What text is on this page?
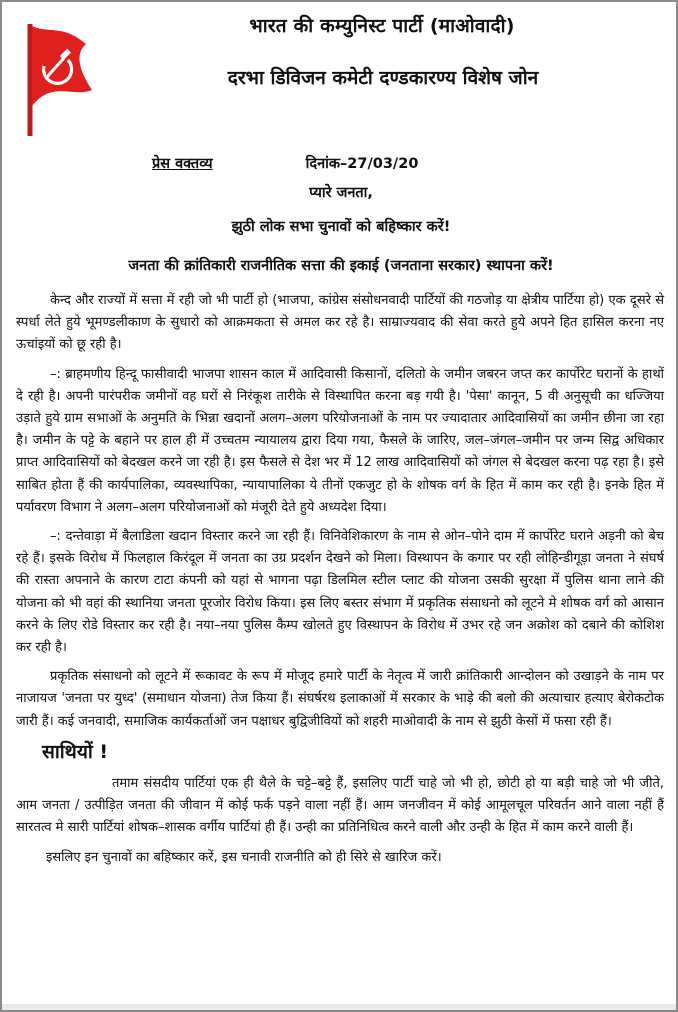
भारत की कम्युनिस्ट पार्टी (माओवादी)
दरभा डिविजन कमेटी दण्डकारण्य विशेष जोन
प्रेस वक्तव्य	दिनांक–27/03/20
प्यारे जनता,
झुठी लोक सभा चुनावों को बहिष्कार करें!
जनता की क्रांतिकारी राजनीतिक सत्ता की इकाई (जनताना सरकार) स्थापना करें!

केन्द और राज्यों में सत्ता में रही जो भी पार्टी हो (भाजपा, कांग्रेस संसोधनवादी पार्टियों की गठजोड़ या क्षेत्रीय पार्टिया हो) एक दूसरे से स्पर्धा लेते हुये भूमण्डलीकाण के सुधारो को आक्रमकता से अमल कर रहे है। साम्राज्यवाद की सेवा करते हुये अपने हित हासिल करना नए ऊचांइयों को छू रही है।

–: ब्राहमणीय हिन्दू फासीवादी भाजपा शासन काल में आदिवासी किसानों, दलितो के जमीन जबरन जप्त कर कार्पोरेट घरानों के हाथों दे रही है। अपनी पारंपरीक जमीनों वह घरों से निरंकूश तारीके से विस्थापित करना बड़ गयी है। 'पेसा' कानून, 5 वी अनुसूची का धज्जिया उड़ाते हुये ग्राम सभाओं के अनुमति के भिन्ना खदानों अलग–अलग परियोजनाओं के नाम पर ज्यादातार आदिवासियों का जमीन छीना जा रहा है। जमीन के पट्टे के बहाने पर हाल ही में उच्चतम न्यायालय द्वारा दिया गया, फैसले के जारिए, जल–जंगल–जमीन पर जन्म सिद्व अधिकार प्राप्त आदिवासियों को बेदखल करने जा रही है। इस फैसले से देश भर में 12 लाख आदिवासियों को जंगल से बेदखल करना पढ़ रहा है। इसे साबित होता हैं की कार्यपालिका, व्यवस्थापिका, न्यायापालिका ये तीनों एकजुट हो के शोषक वर्ग के हित में काम कर रही है। इनके हित में पर्यावरण विभाग ने अलग–अलग परियोजनाओं को मंजूरी देते हुये अध्यदेश दिया।

–: दन्तेवाड़ा में बैलाडिला खदान विस्तार करने जा रही हैं। विनिवेशिकारण के नाम से ओन–पोने दाम में कार्पोरेट घराने अड़नी को बेच रहे हैं। इसके विरोध में फिलहाल किरंदूल में जनता का उग्र प्रदर्शन देखने को मिला। विस्थापन के कगार पर रही लोहिन्डीगूड़ा जनता ने संघर्ष की रास्ता अपनाने के कारण टाटा कंपनी को यहां से भागना पढ़ा डिलमिल स्टील प्लाट की योजना उसकी सुरक्षा में पुलिस थाना लाने की योजना को भी वहां की स्थानिया जनता पूरजोर विरोध किया। इस लिए बस्तर संभाग में प्रकृतिक संसाधनो को लूटने मे शोषक वर्ग को आसान करने के लिए रोडे विस्तार कर रही है। नया–नया पुलिस कैम्प खोलते हुए विस्थापन के विरोध में उभर रहे जन अक्रोश को दबाने की कोशिश कर रही है।

प्रकृतिक संसाधनो को लूटने में रूकावट के रूप में मोजूद हमारे पार्टी के नेतृत्व में जारी क्रांतिकारी आन्दोलन को उखाड़ने के नाम पर नाजायज 'जनता पर युध्द' (समाधान योजना) तेज किया हैं। संघर्षरथ इलाकाओं में सरकार के भाड़े की बलो की अत्याचार हत्याए बेरोकटोक जारी हैं। कई जनवादी, समाजिक कार्यकर्ताओं जन पक्षाधर बुद्विजीवियों को शहरी माओवादी के नाम से झुठी केसों में फसा रही हैं।

साथियों !

तमाम संसदीय पार्टियां एक ही थैले के चट्टे–बट्टे हैं, इसलिए पार्टी चाहे जो भी हो, छोटी हो या बड़ी चाहे जो भी जीते, आम जनता / उत्पीड़ित जनता की जीवान में कोई फर्क पड़ने वाला नहीं हैं। आम जनजीवन में कोई आमूलचूल परिवर्तन आने वाला नहीं हैं सारतत्व मे सारी पार्टियां शोषक–शासक वर्गीय पार्टियां ही हैं। उन्ही का प्रतिनिधित्व करने वाली और उन्ही के हित में काम करने वाली हैं।

इसलिए इन चुनावों का बहिष्कार करें, इस चनावी राजनीति को ही सिरे से खारिज करें।
